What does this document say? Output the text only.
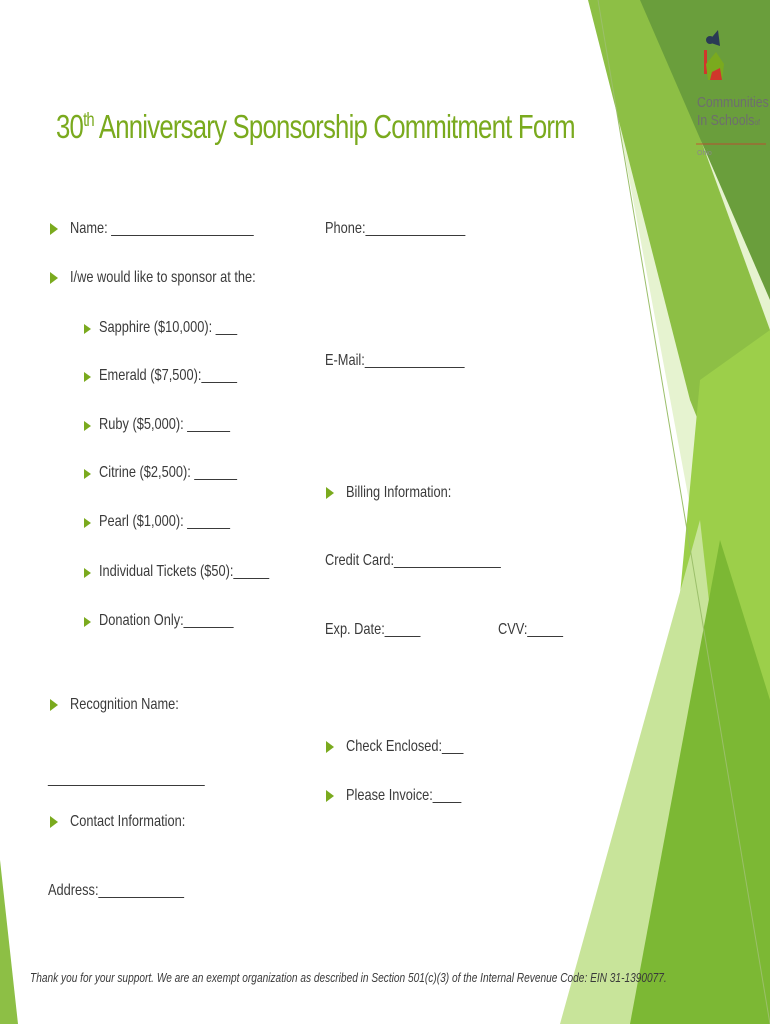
Communities
In Schoolsof
Ohio
30th Anniversary Sponsorship Commitment Form
Name: ____________________
I/we would like to sponsor at the:
Sapphire ($10,000): ___
Emerald ($7,500):_____
Ruby ($5,000): ______
Citrine ($2,500): ______
Pearl ($1,000): ______
Individual Tickets ($50):_____
Donation Only:_______
Recognition Name:
______________________
Contact Information:
Address:____________
Phone:______________
E-Mail:______________
Billing Information:
Credit Card:_______________
Exp. Date:_____	CVV:_____
Check Enclosed:___
Please Invoice:____
Thank you for your support. We are an exempt organization as described in Section 501(c)(3) of the Internal Revenue Code: EIN 31-1390077.
